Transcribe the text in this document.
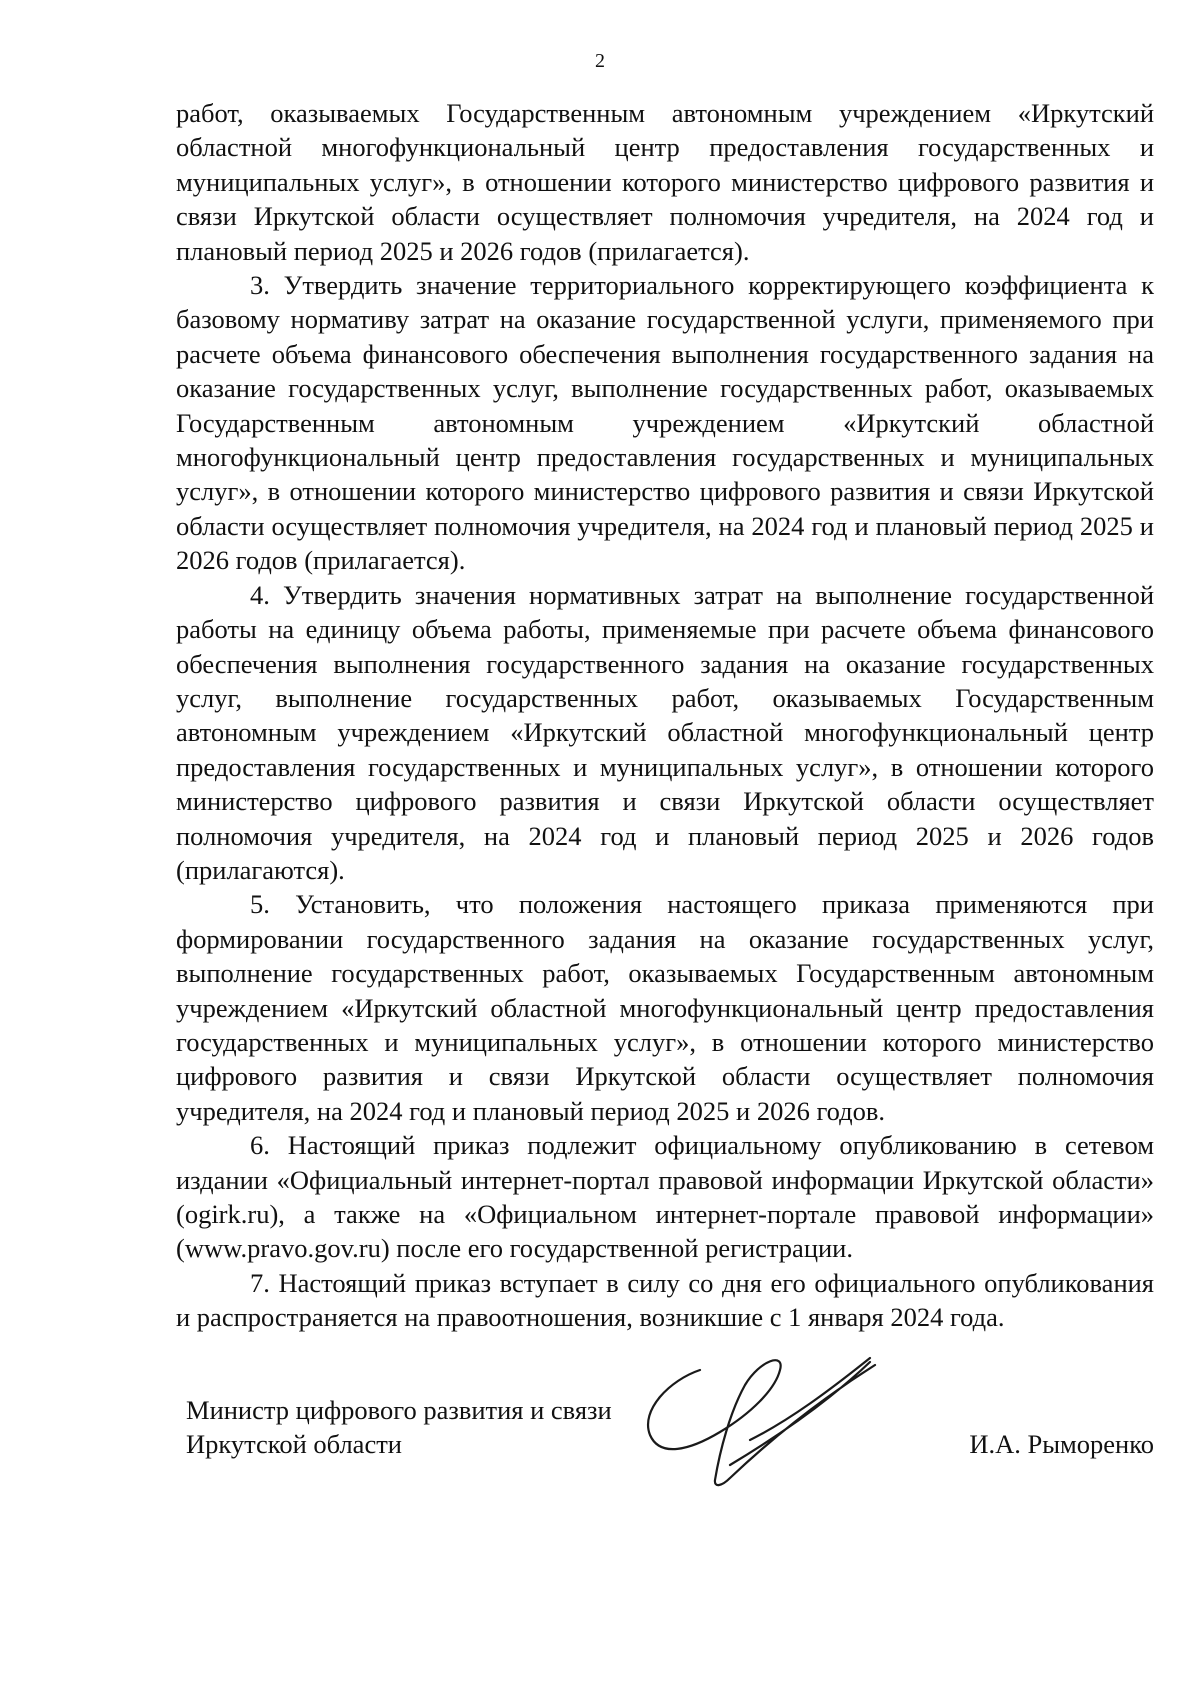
2

работ, оказываемых Государственным автономным учреждением «Иркутский областной многофункциональный центр предоставления государственных и муниципальных услуг», в отношении которого министерство цифрового развития и связи Иркутской области осуществляет полномочия учредителя, на 2024 год и плановый период 2025 и 2026 годов (прилагается).

3. Утвердить значение территориального корректирующего коэффициента к базовому нормативу затрат на оказание государственной услуги, применяемого при расчете объема финансового обеспечения выполнения государственного задания на оказание государственных услуг, выполнение государственных работ, оказываемых Государственным автономным учреждением «Иркутский областной многофункциональный центр предоставления государственных и муниципальных услуг», в отношении которого министерство цифрового развития и связи Иркутской области осуществляет полномочия учредителя, на 2024 год и плановый период 2025 и 2026 годов (прилагается).

4. Утвердить значения нормативных затрат на выполнение государственной работы на единицу объема работы, применяемые при расчете объема финансового обеспечения выполнения государственного задания на оказание государственных услуг, выполнение государственных работ, оказываемых Государственным автономным учреждением «Иркутский областной многофункциональный центр предоставления государственных и муниципальных услуг», в отношении которого министерство цифрового развития и связи Иркутской области осуществляет полномочия учредителя, на 2024 год и плановый период 2025 и 2026 годов (прилагаются).

5. Установить, что положения настоящего приказа применяются при формировании государственного задания на оказание государственных услуг, выполнение государственных работ, оказываемых Государственным автономным учреждением «Иркутский областной многофункциональный центр предоставления государственных и муниципальных услуг», в отношении которого министерство цифрового развития и связи Иркутской области осуществляет полномочия учредителя, на 2024 год и плановый период 2025 и 2026 годов.

6. Настоящий приказ подлежит официальному опубликованию в сетевом издании «Официальный интернет-портал правовой информации Иркутской области» (ogirk.ru), а также на «Официальном интернет-портале правовой информации» (www.pravo.gov.ru) после его государственной регистрации.

7. Настоящий приказ вступает в силу со дня его официального опубликования и распространяется на правоотношения, возникшие с 1 января 2024 года.

Министр цифрового развития и связи
Иркутской области	И.А. Рыморенко
